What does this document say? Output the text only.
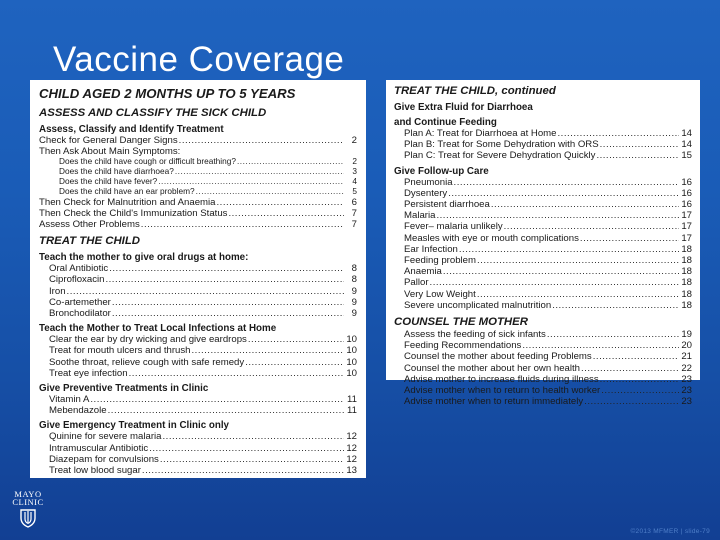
Vaccine Coverage
CHILD AGED 2 MONTHS UP TO 5 YEARS
ASSESS AND CLASSIFY THE SICK CHILD
Assess, Classify and Identify Treatment
Check for General Danger Signs .....	2
Then Ask About Main Symptoms:
Does the child have cough or difficult breathing? .....	2
Does the child have diarrhoea? .....	3
Does the child have fever? .....	4
Does the child have an ear problem? .....	5
Then Check for Malnutrition and Anaemia .....	6
Then Check the Child's Immunization Status .....	7
Assess Other Problems .....	7
TREAT THE CHILD
Teach the mother to give oral drugs at home:
Oral Antibiotic .....	8
Ciprofloxacin .....	8
Iron .....	9
Co-artemether .....	9
Bronchodilator .....	9
Teach the Mother to Treat Local Infections at Home
Clear the ear by dry wicking and give eardrops .....	10
Treat for mouth ulcers and thrush .....	10
Soothe throat, relieve cough with safe remedy .....	10
Treat eye infection .....	10
Give Preventive Treatments in Clinic
Vitamin A .....	11
Mebendazole .....	11
Give Emergency Treatment in Clinic only
Quinine for severe malaria .....	12
Intramuscular Antibiotic .....	12
Diazepam for convulsions .....	12
Treat low blood sugar .....	13
TREAT THE CHILD, continued
Give Extra Fluid for Diarrhoea
and Continue Feeding
Plan A: Treat for Diarrhoea at Home .....	14
Plan B: Treat for Some Dehydration with ORS .....	14
Plan C: Treat for Severe Dehydration Quickly .....	15
Give Follow-up Care
Pneumonia .....	16
Dysentery .....	16
Persistent diarrhoea .....	16
Malaria .....	17
Fever– malaria unlikely .....	17
Measles with eye or mouth complications .....	17
Ear Infection .....	18
Feeding problem .....	18
Anaemia .....	18
Pallor .....	18
Very Low Weight .....	18
Severe uncomplicated malnutrition .....	18
COUNSEL THE MOTHER
Assess the feeding of sick infants .....	19
Feeding Recommendations .....	20
Counsel the mother about feeding Problems .....	21
Counsel the mother about her own health .....	22
Advise mother to increase fluids during illness .....	23
Advise mother when to return to health worker .....	23
Advise mother when to return immediately .....	23
MAYO
CLINIC
©2013 MFMER | slide-79
